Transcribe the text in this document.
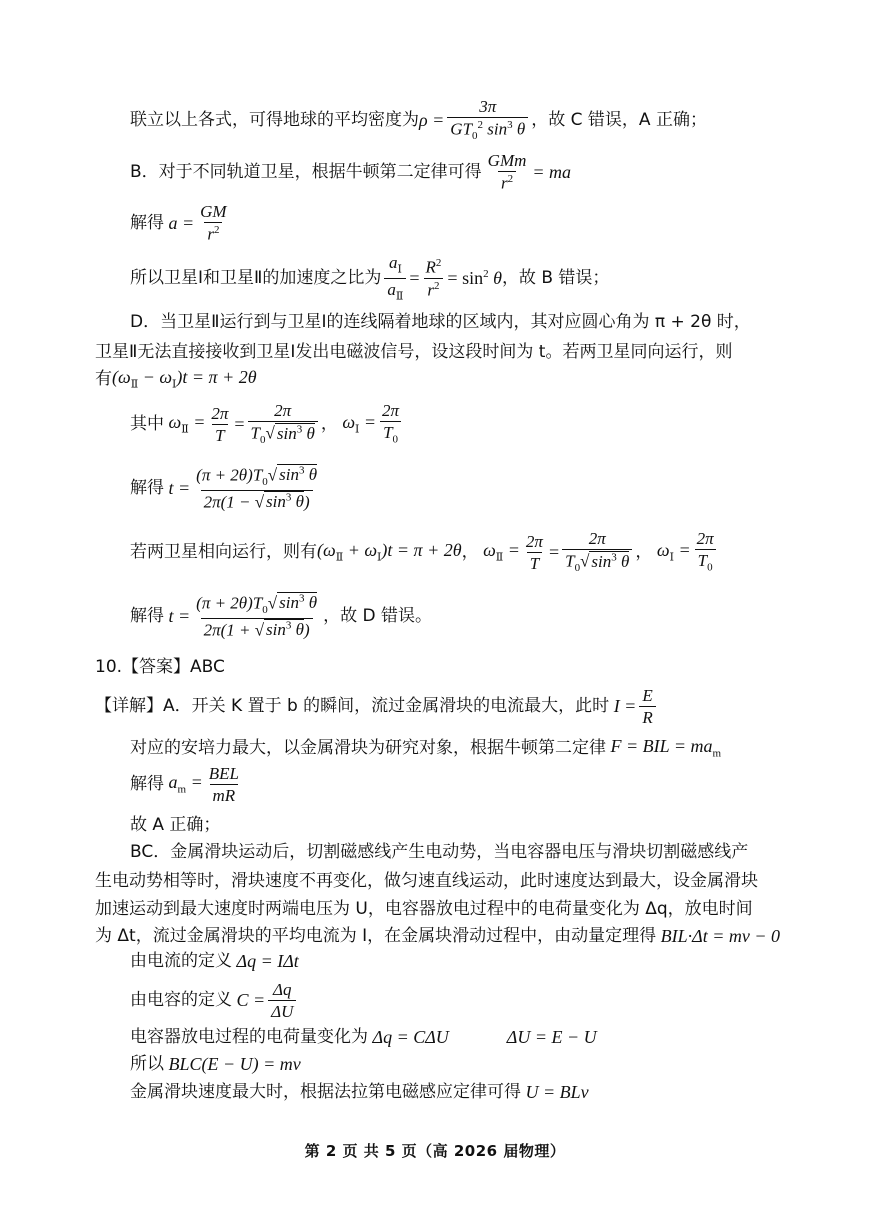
联立以上各式，可得地球的平均密度为 $\rho = \frac{3\pi}{GT_0^2 \sin^3 \theta}$ ，故 C 错误，A 正确；
B．对于不同轨道卫星，根据牛顿第二定律可得
GMm
$r^2$ = ma
解得 $a = \frac{GM}{r^2}$
所以卫星Ⅰ和卫星Ⅱ的加速度之比为 $\frac{a_Ⅰ}{a_Ⅱ} = \frac{R^2}{r^2} = \sin^2 \theta$ ，故 B 错误；
D．当卫星Ⅱ运行到与卫星Ⅰ的连线隔着地球的区域内，其对应圆心角为 π + 2θ 时，
卫星Ⅱ无法直接接收到卫星Ⅰ发出电磁波信号，设这段时间为 t。若两卫星同向运行，则
有 $(\omega_Ⅱ - \omega_Ⅰ)t = \pi + 2\theta$
其中 $\omega_Ⅱ = \frac{2\pi}{T} = \frac{2\pi}{T_0√ \sin^3 \theta}$ ， $\omega_Ⅰ = \frac{2\pi}{T_0}$
解得 $t = \frac{(\pi + 2\theta)T_0√ \sin^3 \theta}{2\pi(1 - √ \sin^3 \theta)}$
若两卫星相向运行，则有 $(\omega_Ⅱ + \omega_Ⅰ)t = \pi + 2\theta$ ， $\omega_Ⅱ = \frac{2\pi}{T} = \frac{2\pi}{T_0√ \sin^3 \theta}$ ， $\omega_Ⅰ = \frac{2\pi}{T_0}$
解得 $t = \frac{(\pi + 2\theta)T_0√ \sin^3 \theta}{2\pi(1 + √ \sin^3 \theta)}$ ，故 D 错误。
10.【答案】ABC
【详解】A．开关 K 置于 b 的瞬间，流过金属滑块的电流最大，此时 $I = \frac{E}{R}$
对应的安培力最大，以金属滑块为研究对象，根据牛顿第二定律 F = BIL = $ma_m$
解得 $a_m$ = BEL
mR
故 A 正确；
BC．金属滑块运动后，切割磁感线产生电动势，当电容器电压与滑块切割磁感线产
生电动势相等时，滑块速度不再变化，做匀速直线运动，此时速度达到最大，设金属滑块
加速运动到最大速度时两端电压为 U，电容器放电过程中的电荷量变化为 Δq，放电时间
为 Δt，流过金属滑块的平均电流为 I，在金属块滑动过程中，由动量定理得 BIL·Δt = mv − 0
由电流的定义 Δq = IΔt
由电容的定义 $C = \frac{\Delta q}{\Delta U}$
电容器放电过程的电荷量变化为 Δq = CΔU	ΔU = E − U
所以 BLC(E − U) = mv
金属滑块速度最大时，根据法拉第电磁感应定律可得 U = BLv
第 2 页 共 5 页（高 2026 届物理）
